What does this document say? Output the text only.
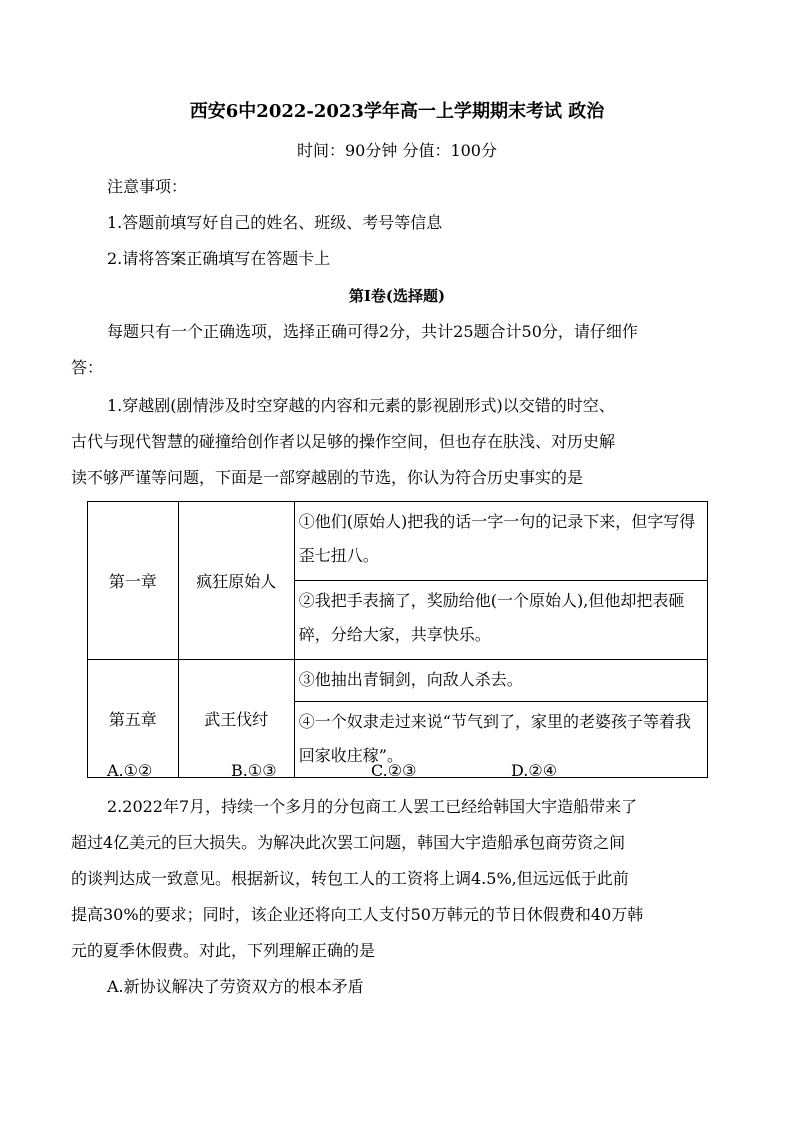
西安6中2022-2023学年高一上学期期末考试 政治
时间：90分钟 分值：100分
注意事项：
1.答题前填写好自己的姓名、班级、考号等信息
2.请将答案正确填写在答题卡上
第I卷(选择题)
每题只有一个正确选项，选择正确可得2分，共计25题合计50分，请仔细作
答：
1.穿越剧(剧情涉及时空穿越的内容和元素的影视剧形式)以交错的时空、
古代与现代智慧的碰撞给创作者以足够的操作空间，但也存在肤浅、对历史解
读不够严谨等问题，下面是一部穿越剧的节选，你认为符合历史事实的是
第一章	疯狂原始人	①他们(原始人)把我的话一字一句的记录下来，但字写得歪七扭八。
		②我把手表摘了，奖励给他(一个原始人),但他却把表砸碎，分给大家，共享快乐。
第五章	武王伐纣	③他抽出青铜剑，向敌人杀去。
		④一个奴隶走过来说“节气到了，家里的老婆孩子等着我回家收庄稼”。
A.①②	B.①③	C.②③	D.②④
2.2022年7月，持续一个多月的分包商工人罢工已经给韩国大宇造船带来了
超过4亿美元的巨大损失。为解决此次罢工问题，韩国大宇造船承包商劳资之间
的谈判达成一致意见。根据新议，转包工人的工资将上调4.5%,但远远低于此前
提高30%的要求；同时，该企业还将向工人支付50万韩元的节日休假费和40万韩
元的夏季休假费。对此，下列理解正确的是
A.新协议解决了劳资双方的根本矛盾
